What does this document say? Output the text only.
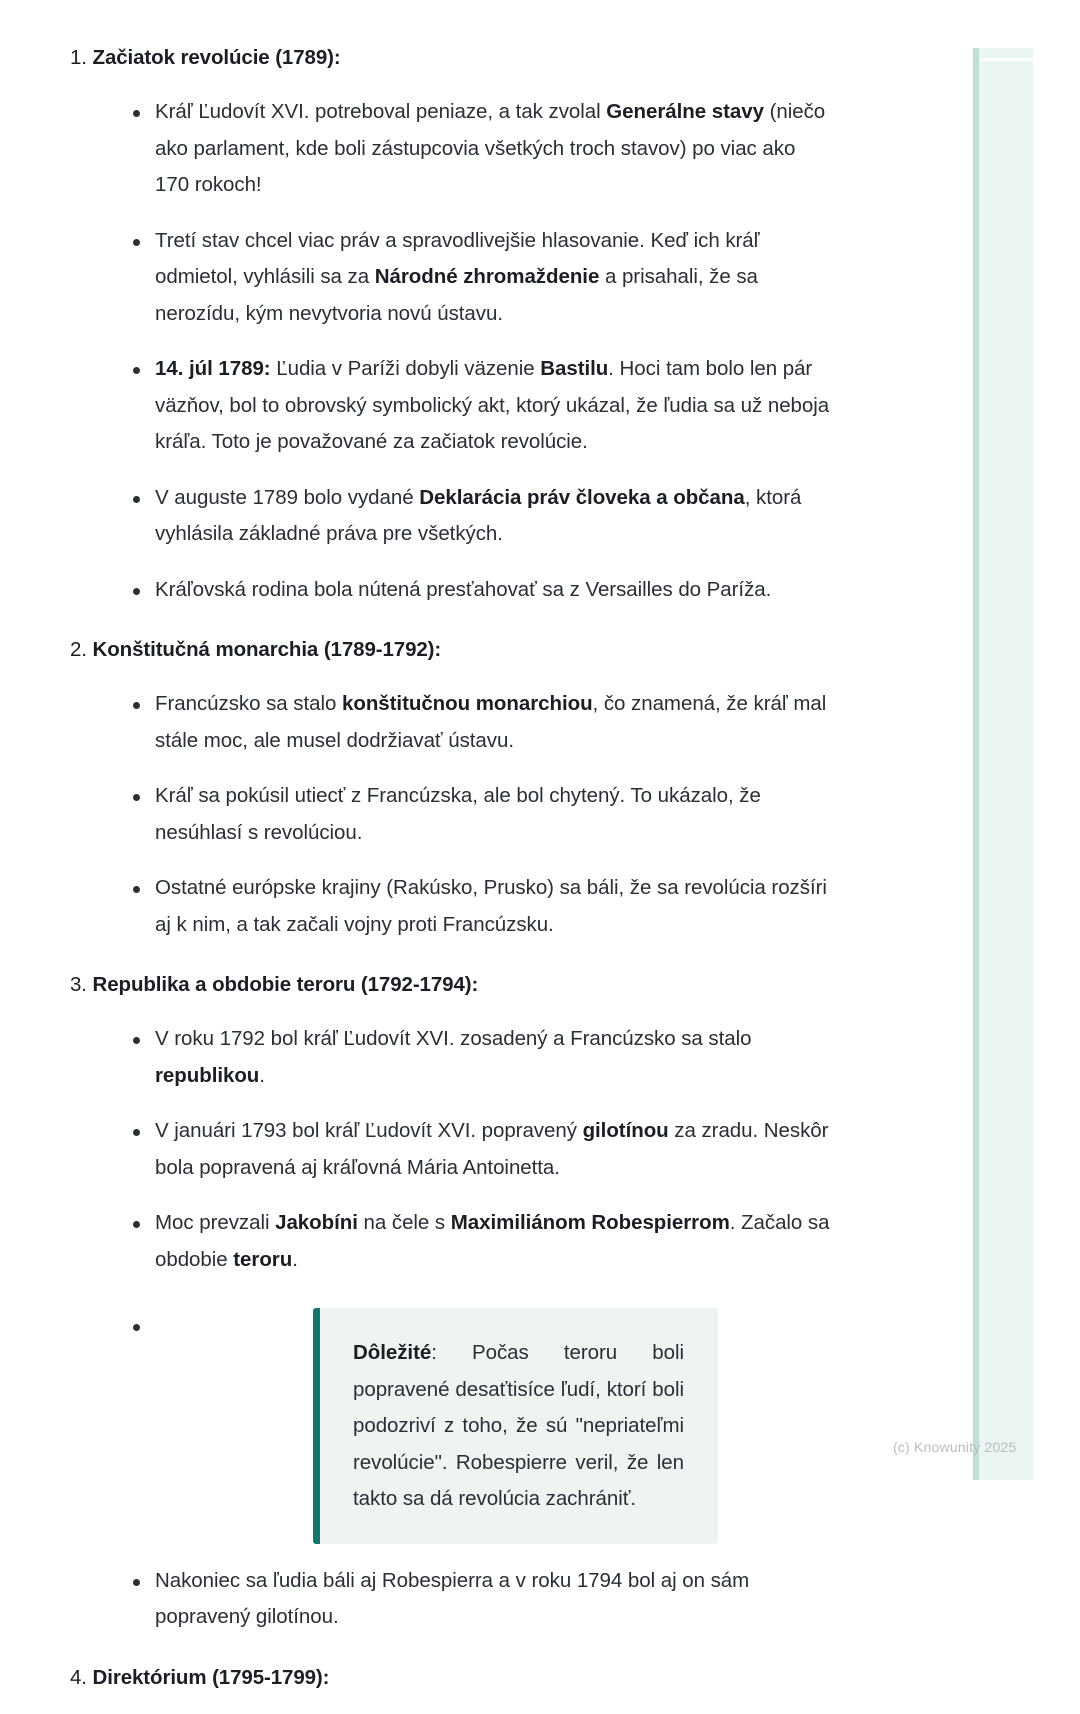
1. Začiatok revolúcie (1789):
Kráľ Ľudovít XVI. potreboval peniaze, a tak zvolal Generálne stavy (niečo ako parlament, kde boli zástupcovia všetkých troch stavov) po viac ako 170 rokoch!
Tretí stav chcel viac práv a spravodlivejšie hlasovanie. Keď ich kráľ odmietol, vyhlásili sa za Národné zhromaždenie a prisahali, že sa nerozídu, kým nevytvoria novú ústavu.
14. júl 1789: Ľudia v Paríži dobyli väzenie Bastilu. Hoci tam bolo len pár väzňov, bol to obrovský symbolický akt, ktorý ukázal, že ľudia sa už neboja kráľa. Toto je považované za začiatok revolúcie.
V auguste 1789 bolo vydané Deklarácia práv človeka a občana, ktorá vyhlásila základné práva pre všetkých.
Kráľovská rodina bola nútená presťahovať sa z Versailles do Paríža.
2. Konštitučná monarchia (1789-1792):
Francúzsko sa stalo konštitučnou monarchiou, čo znamená, že kráľ mal stále moc, ale musel dodržiavať ústavu.
Kráľ sa pokúsil utiecť z Francúzska, ale bol chytený. To ukázalo, že nesúhlasí s revolúciou.
Ostatné európske krajiny (Rakúsko, Prusko) sa báli, že sa revolúcia rozšíri aj k nim, a tak začali vojny proti Francúzsku.
3. Republika a obdobie teroru (1792-1794):
V roku 1792 bol kráľ Ľudovít XVI. zosadený a Francúzsko sa stalo republikou.
V januári 1793 bol kráľ Ľudovít XVI. popravený gilotínou za zradu. Neskôr bola popravená aj kráľovná Mária Antoinetta.
Moc prevzali Jakobíni na čele s Maximiliánom Robespierrom. Začalo sa obdobie teroru.

Dôležité: Počas teroru boli popravené desaťtisíce ľudí, ktorí boli podozriví z toho, že sú "nepriateľmi revolúcie". Robespierre veril, že len takto sa dá revolúcia zachrániť.

Nakoniec sa ľudia báli aj Robespierra a v roku 1794 bol aj on sám popravený gilotínou.
4. Direktórium (1795-1799):
(c) Knowunity 2025
